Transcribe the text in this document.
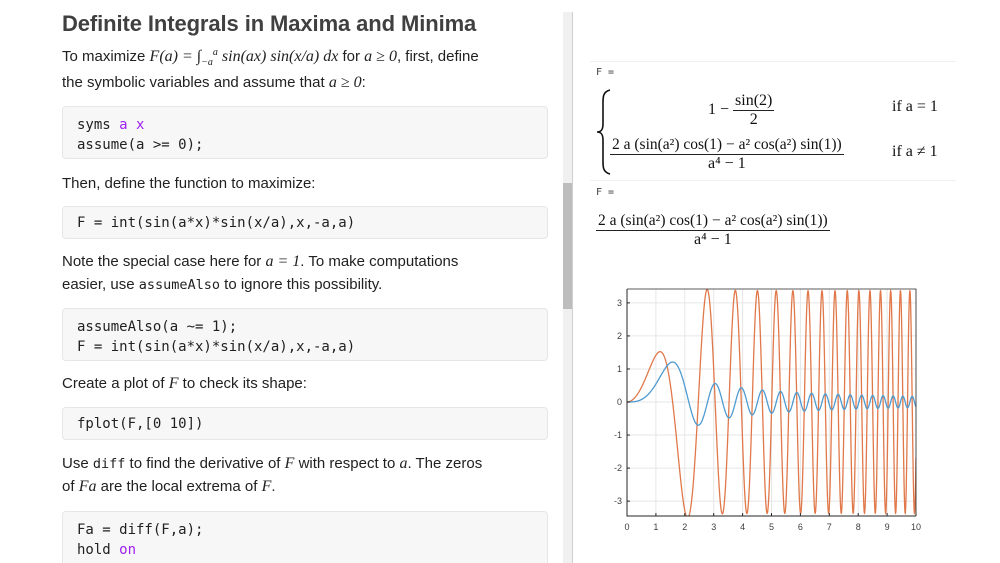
Definite Integrals in Maxima and Minima
To maximize $F(a) = \int_{-a}^a$ sin(ax) sin(x/a) dx for a ≥ 0, first, define
the symbolic variables and assume that a ≥ 0:
syms a x
assume(a >= 0);
Then, define the function to maximize:
F = int(sin(a*x)*sin(x/a),x,-a,a)
Note the special case here for a = 1. To make computations
easier, use assumeAlso to ignore this possibility.
assumeAlso(a ~= 1);
F = int(sin(a*x)*sin(x/a),x,-a,a)
Create a plot of F to check its shape:
fplot(F,[0 10])
Use diff to find the derivative of F with respect to a. The zeros
of Fa are the local extrema of F.
Fa = diff(F,a);
hold on
F =
$1 - \frac{\sin(2)}{2}$	if a = 1
$\frac{\text{2 a (sin(a²) cos(1) − a² cos(a²) sin(1))}}{\text{a⁴ − 1}}$	if a ≠ 1
F =
$\frac{\text{2 a (sin(a²) cos(1) − a² cos(a²) sin(1))}}{\text{a⁴ − 1}}$
0	1	2	3	4	5	6	7	8	9 10
3
2
1
0
-1
-2
-3
